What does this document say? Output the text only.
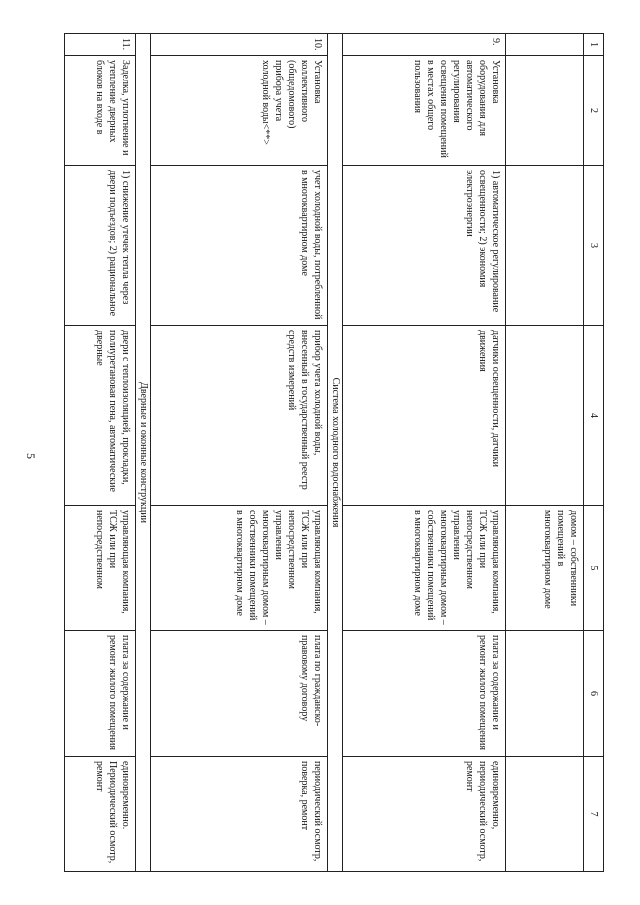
5
1	2	3	4	5	6	7
				домом – собственники помещений в многоквартирном доме		
9.	Установка оборудования для автоматического регулирования освещения помещений в местах общего пользования	1) автоматическое регулирование освещенности; 2) экономия электроэнергии	датчики освещенности, датчики движения	управляющая компания, ТСЖ или при непосредственном управлении многоквартирным домом – собственники помещений в многоквартирном доме	плата за содержание и ремонт жилого помещения	единовременно, периодический осмотр, ремонт
Система холодного водоснабжения						
10.	Установка коллективного (общедомового) прибора учета холодной воды<**>	учет холодной воды, потребленной в многоквартирном доме	прибор учета холодной воды, внесенный в государственный реестр средств измерений	управляющая компания, ТСЖ или при непосредственном управлении многоквартирным домом – собственники помещений в многоквартирном доме	плата по гражданско-правовому договору	периодический осмотр, поверка, ремонт
Дверные и оконные конструкции						
11.	Заделка, уплотнение и утепление дверных блоков на входе в	1) снижение утечек тепла через двери подъездов; 2) рациональное	двери с теплоизоляцией, прокладки, полиуретановая пена, автоматические дверные	управляющая компания, ТСЖ или при непосредственном	плата за содержание и ремонт жилого помещения	единовременно. Периодический осмотр, ремонт
